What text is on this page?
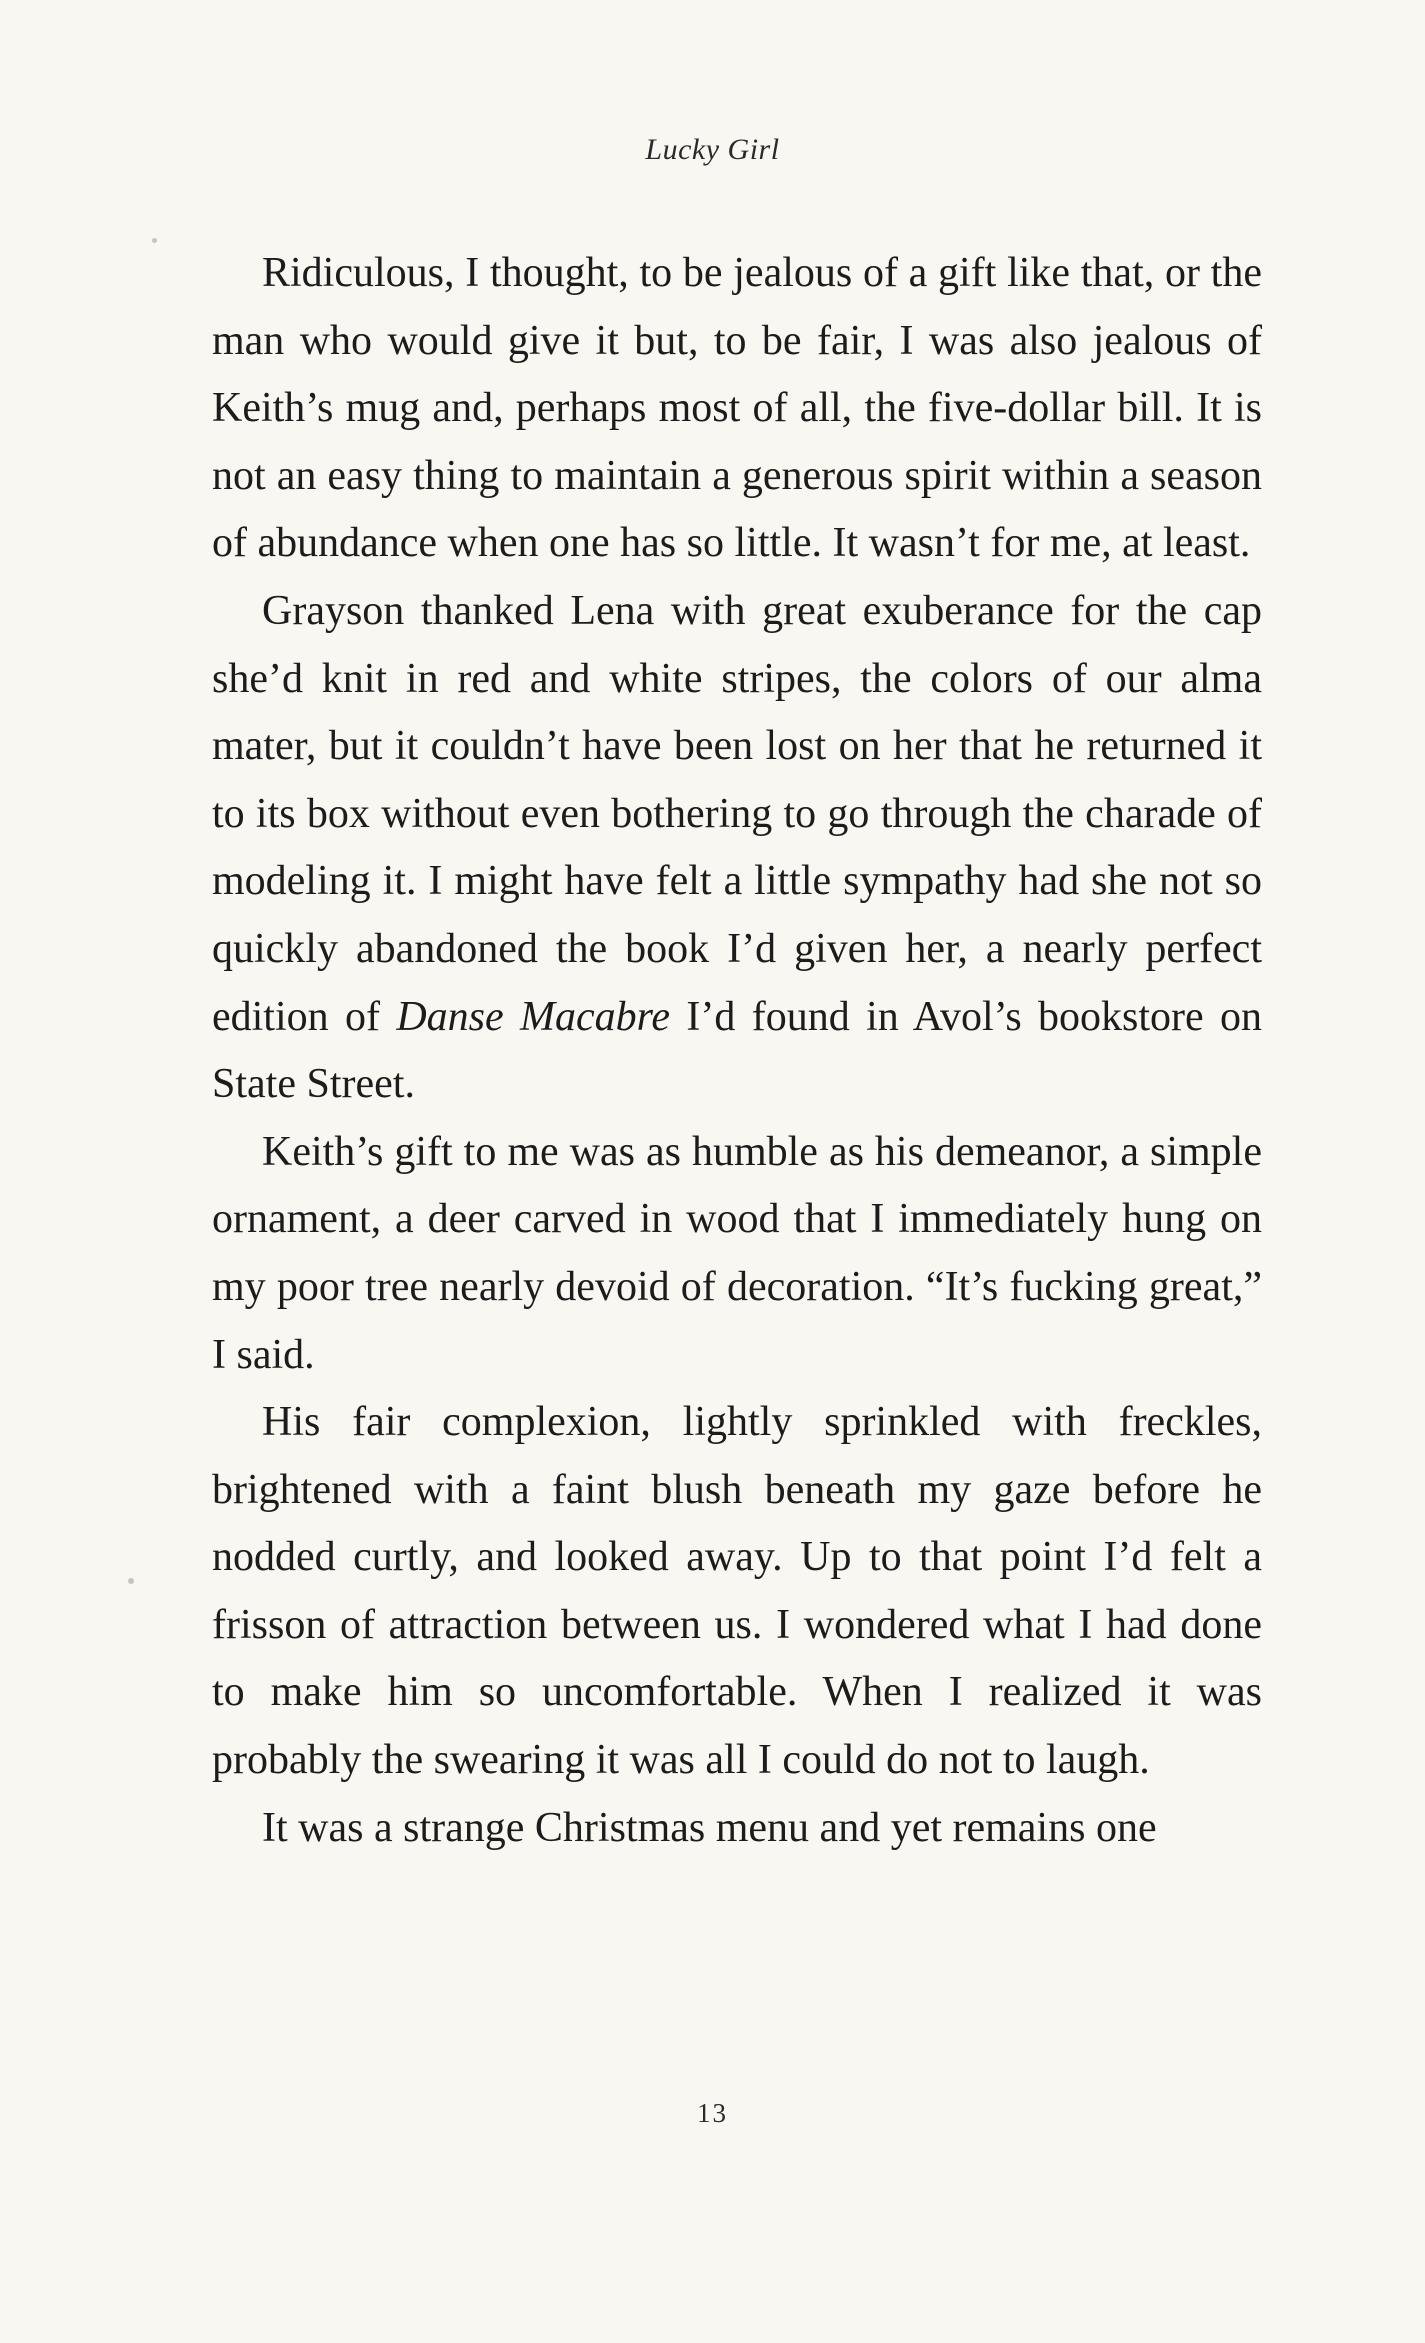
Lucky Girl

Ridiculous, I thought, to be jealous of a gift like that, or the man who would give it but, to be fair, I was also jealous of Keith’s mug and, perhaps most of all, the five-dollar bill. It is not an easy thing to maintain a generous spirit within a season of abundance when one has so little. It wasn’t for me, at least.

Grayson thanked Lena with great exuberance for the cap she’d knit in red and white stripes, the colors of our alma mater, but it couldn’t have been lost on her that he returned it to its box without even bothering to go through the charade of modeling it. I might have felt a little sympathy had she not so quickly abandoned the book I’d given her, a nearly perfect edition of Danse Macabre I’d found in Avol’s bookstore on State Street.

Keith’s gift to me was as humble as his demeanor, a simple ornament, a deer carved in wood that I immediately hung on my poor tree nearly devoid of decoration. “It’s fucking great,” I said.

His fair complexion, lightly sprinkled with freckles, brightened with a faint blush beneath my gaze before he nodded curtly, and looked away. Up to that point I’d felt a frisson of attraction between us. I wondered what I had done to make him so uncomfortable. When I realized it was probably the swearing it was all I could do not to laugh.

It was a strange Christmas menu and yet remains one

13
